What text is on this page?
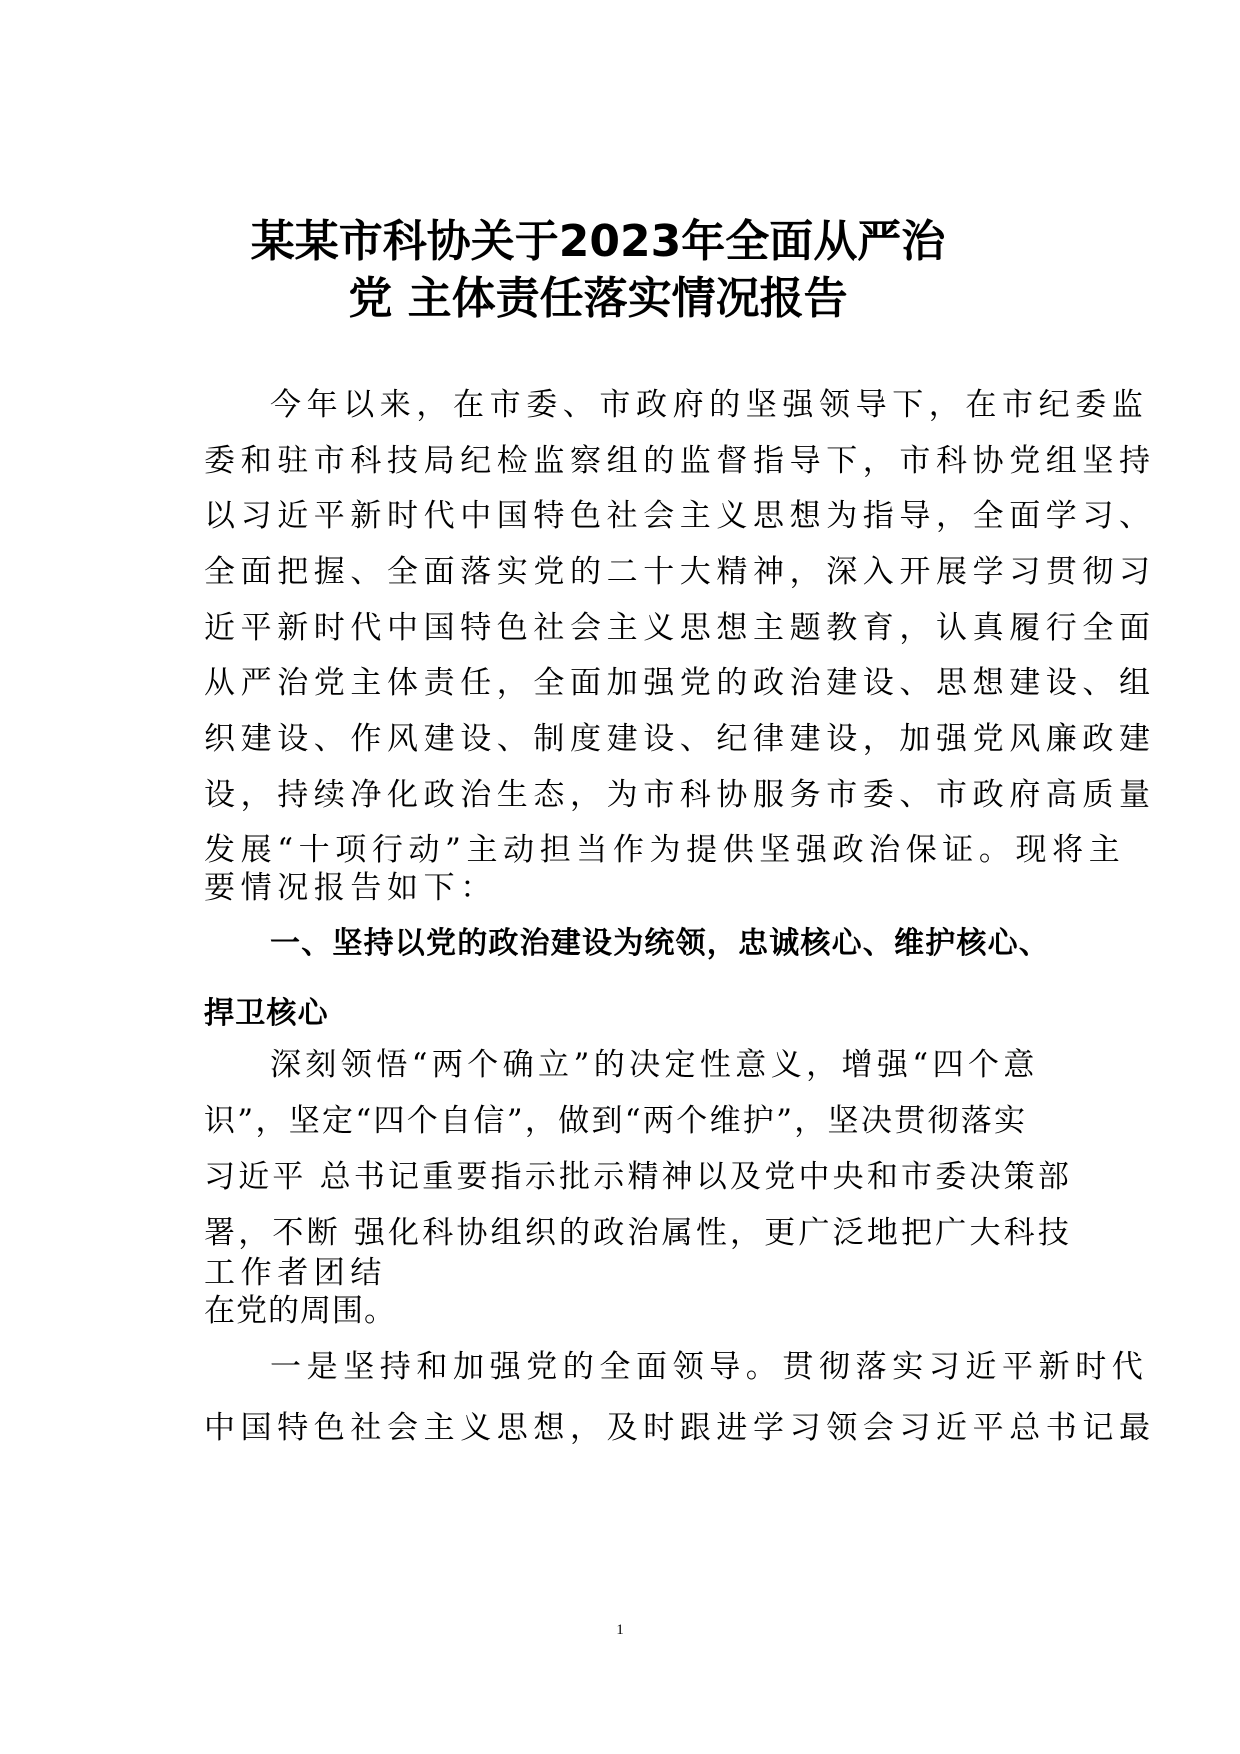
某某市科协关于2023年全面从严治
党 主体责任落实情况报告

今年以来，在市委、市政府的坚强领导下，在市纪委监

委和驻市科技局纪检监察组的监督指导下，市科协党组坚持

以习近平新时代中国特色社会主义思想为指导，全面学习、

全面把握、全面落实党的二十大精神，深入开展学习贯彻习

近平新时代中国特色社会主义思想主题教育，认真履行全面

从严治党主体责任，全面加强党的政治建设、思想建设、组

织建设、作风建设、制度建设、纪律建设，加强党风廉政建

设，持续净化政治生态，为市科协服务市委、市政府高质量

发展“十项行动”主动担当作为提供坚强政治保证。现将主

要情况报告如下：

一、坚持以党的政治建设为统领，忠诚核心、维护核心、
捍卫核心

深刻领悟“两个确立”的决定性意义，增强“四个意

识”，坚定“四个自信”，做到“两个维护”，坚决贯彻落实

习近平 总书记重要指示批示精神以及党中央和市委决策部

署，不断 强化科协组织的政治属性，更广泛地把广大科技

工作者团结

在党的周围。

一是坚持和加强党的全面领导。贯彻落实习近平新时代

中国特色社会主义思想，及时跟进学习领会习近平总书记最

1
